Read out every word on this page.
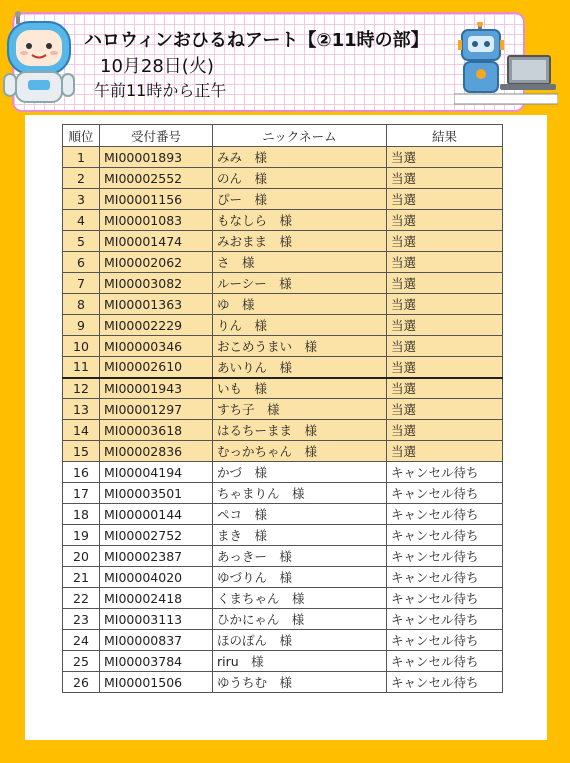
ハロウィンおひるねアート【②11時の部】
10月28日(火)
午前11時から正午
順位	受付番号	ニックネーム	結果
1	MI00001893	みみ　様	当選
2	MI00002552	のん　様	当選
3	MI00001156	ぴー　様	当選
4	MI00001083	もなしら　様	当選
5	MI00001474	みおまま　様	当選
6	MI00002062	さ　様	当選
7	MI00003082	ルーシー　様	当選
8	MI00001363	ゆ　様	当選
9	MI00002229	りん　様	当選
10	MI00000346	おこめうまい　様	当選
11	MI00002610	あいりん　様	当選
12	MI00001943	いも　様	当選
13	MI00001297	すち子　様	当選
14	MI00003618	はるちーまま　様	当選
15	MI00002836	むっかちゃん　様	当選
16	MI00004194	かづ　様	キャンセル待ち
17	MI00003501	ちゃまりん　様	キャンセル待ち
18	MI00000144	ペコ　様	キャンセル待ち
19	MI00002752	まき　様	キャンセル待ち
20	MI00002387	あっきー　様	キャンセル待ち
21	MI00004020	ゆづりん　様	キャンセル待ち
22	MI00002418	くまちゃん　様	キャンセル待ち
23	MI00003113	ひかにゃん　様	キャンセル待ち
24	MI00000837	ほのぽん　様	キャンセル待ち
25	MI00003784	riru　様	キャンセル待ち
26	MI00001506	ゆうちむ　様	キャンセル待ち
